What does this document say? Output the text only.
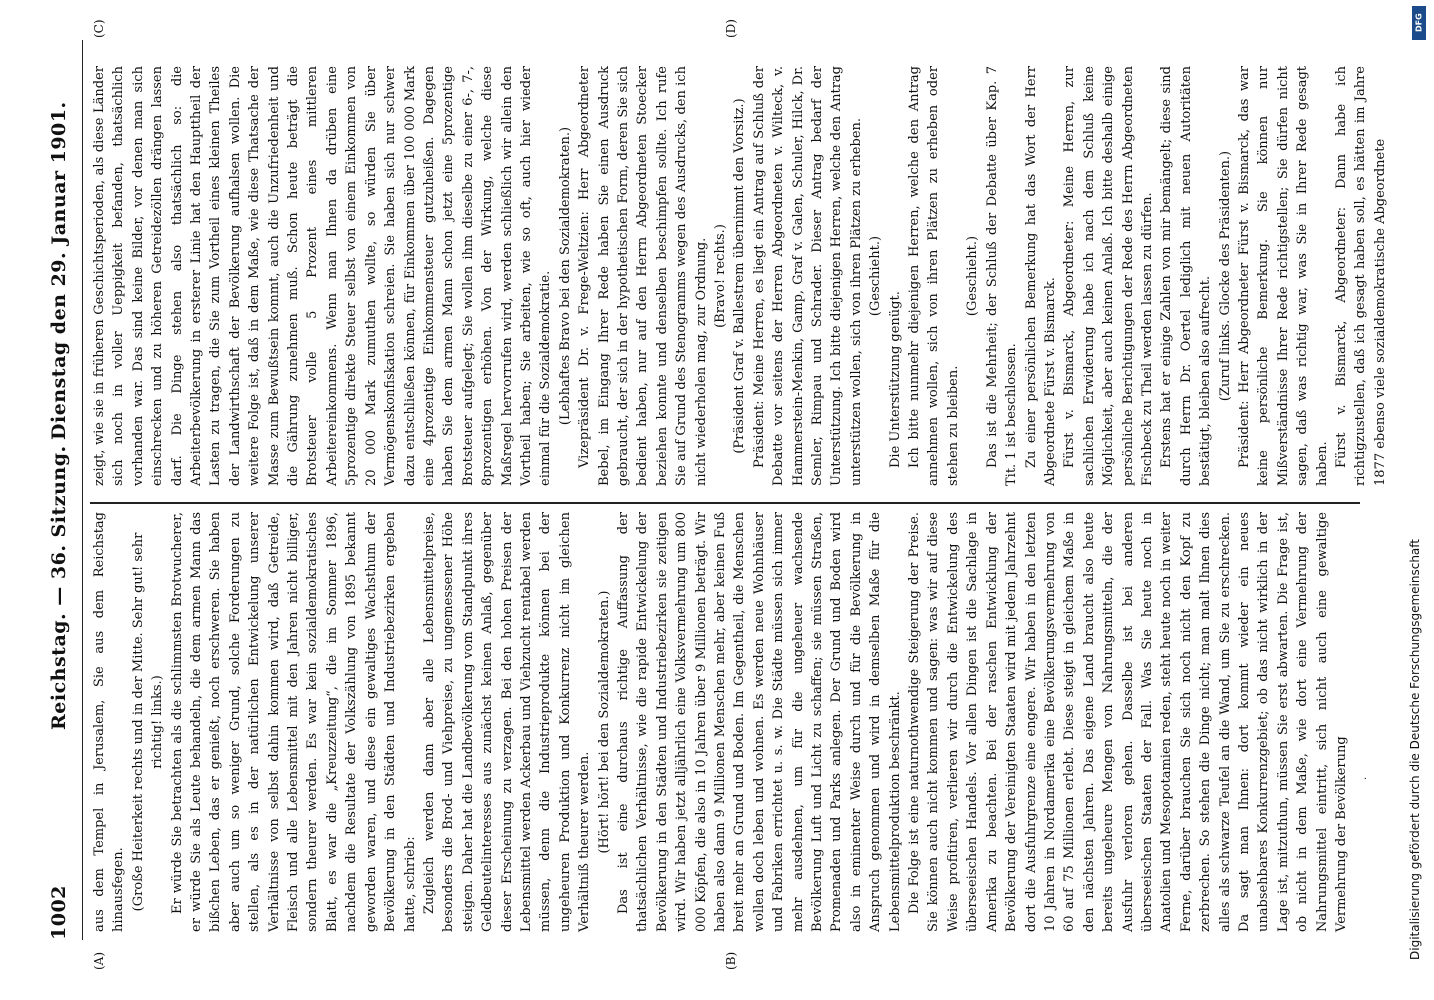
1002
Reichstag. — 36. Sitzung.
Dienstag den 29. Januar 1901.
(A)	(B)
(C)	(D)

aus dem Tempel in Jerusalem, Sie aus dem Reichstag hinausfegen. (Große Heiterkeit rechts und in der Mitte. Sehr gut! sehr richtig! links.) Er würde Sie betrachten als die schlimmsten Brotwucherer, er würde Sie als Leute behandeln, die dem armen Mann das bißchen Leben, das er genießt, noch erschweren. Sie haben aber auch um so weniger Grund, solche Forderungen zu stellen, als es in der natürlichen Entwickelung unserer Verhältnisse von selbst dahin kommen wird, daß Getreide, Fleisch und alle Lebensmittel mit den Jahren nicht billiger, sondern theurer werden. Es war kein sozialdemokratisches Blatt, es war die „Kreuzzeitung“, die im Sommer 1896, nachdem die Resultate der Volkszählung von 1895 bekannt geworden waren, und diese ein gewaltiges Wachsthum der Bevölkerung in den Städten und Industriebezirken ergeben hatte, schrieb: Zugleich werden dann aber alle Lebensmittelpreise, besonders die Brod- und Viehpreise, zu ungemessener Höhe steigen. Daher hat die Landbevölkerung vom Standpunkt ihres Geldbeutelinteresses aus zunächst keinen Anlaß, gegenüber dieser Erscheinung zu verzagen. Bei den hohen Preisen der Lebensmittel werden Ackerbau und Viehzucht rentabel werden müssen, denn die Industrieprodukte können bei der ungeheuren Produktion und Konkurrenz nicht im gleichen Verhältniß theurer werden. (Hört! hört! bei den Sozialdemokraten.) Das ist eine durchaus richtige Auffassung der thatsächlichen Verhältnisse, wie die rapide Entwickelung der Bevölkerung in den Städten und Industriebezirken sie zeitigen wird. Wir haben jetzt alljährlich eine Volksvermehrung um 800 000 Köpfen, die also in 10 Jahren über 9 Millionen beträgt. Wir haben also dann 9 Millionen Menschen mehr, aber keinen Fuß breit mehr an Grund und Boden. Im Gegentheil, die Menschen wollen doch leben und wohnen. Es werden neue Wohnhäuser und Fabriken errichtet u. s. w. Die Städte müssen sich immer mehr ausdehnen, um für die ungeheuer wachsende Bevölkerung Luft und Licht zu schaffen; sie müssen Straßen, Promenaden und Parks anlegen. Der Grund und Boden wird also in eminenter Weise durch und für die Bevölkerung in Anspruch genommen und wird in demselben Maße für die Lebensmittelproduktion beschränkt. Die Folge ist eine naturnothwendige Steigerung der Preise. Sie können auch nicht kommen und sagen: was wir auf diese Weise profitiren, verlieren wir durch die Entwickelung des überseeischen Handels. Vor allen Dingen ist die Sachlage in Amerika zu beachten. Bei der raschen Entwicklung der Bevölkerung der Vereinigten Staaten wird mit jedem Jahrzehnt dort die Ausfuhrgrenze eine engere. Wir haben in den letzten 10 Jahren in Nordamerika eine Bevölkerungsvermehrung von 60 auf 75 Millionen erlebt. Diese steigt in gleichem Maße in den nächsten Jahren. Das eigene Land braucht also heute bereits ungeheure Mengen von Nahrungsmitteln, die der Ausfuhr verloren gehen. Dasselbe ist bei anderen überseeischen Staaten der Fall. Was Sie heute noch in Anatolien und Mesopotamien reden, steht heute noch in weiter Ferne, darüber brauchen Sie sich noch nicht den Kopf zu zerbrechen. So stehen die Dinge nicht; man malt Ihnen dies alles als schwarze Teufel an die Wand, um Sie zu erschrecken. Da sagt man Ihnen: dort kommt wieder ein neues unabsehbares Konkurrenzgebiet; ob das nicht wirklich in der Lage ist, mitzuthun, müssen Sie erst abwarten. Die Frage ist, ob nicht in dem Maße, wie dort eine Vermehrung der Nahrungsmittel eintritt, sich nicht auch eine gewaltige Vermehrung der Bevölkerung

zeigt, wie sie in früheren Geschichtsperioden, als diese Länder sich noch in voller Ueppigkeit befanden, thatsächlich vorhanden war. Das sind keine Bilder, vor denen man sich einschrecken und zu höheren Getreidezöllen drängen lassen darf. Die Dinge stehen also thatsächlich so: die Arbeiterbevölkerung in ersterer Linie hat den Haupttheil der Lasten zu tragen, die Sie zum Vortheil eines kleinen Theiles der Landwirthschaft der Bevölkerung aufhalsen wollen. Die weitere Folge ist, daß in dem Maße, wie diese Thatsache der Masse zum Bewußtsein kommt, auch die Unzufriedenheit und die Gährung zunehmen muß. Schon heute beträgt die Brotsteuer volle 5 Prozent eines mittleren Arbeitereinkommens. Wenn man Ihnen da drüben eine 5prozentige direkte Steuer selbst von einem Einkommen von 20 000 Mark zumuthen wollte, so würden Sie über Vermögenskonfiskation schreien. Sie haben sich nur schwer dazu entschließen können, für Einkommen über 100 000 Mark eine 4prozentige Einkommensteuer gutzuheißen. Dagegen haben Sie dem armen Mann schon jetzt eine 5prozentige Brotsteuer aufgelegt; Sie wollen ihm dieselbe zu einer 6-, 7-, 8prozentigen erhöhen. Von der Wirkung, welche diese Maßregel hervorrufen wird, werden schließlich wir allein den Vortheil haben; Sie arbeiten, wie so oft, auch hier wieder einmal für die Sozialdemokratie. (Lebhaftes Bravo bei den Sozialdemokraten.) Vizepräsident Dr. v. Frege-Weltzien: Herr Abgeordneter Bebel, im Eingang Ihrer Rede haben Sie einen Ausdruck gebraucht, der sich in der hypothetischen Form, deren Sie sich bedient haben, nur auf den Herrn Abgeordneten Stoecker beziehen konnte und denselben beschimpfen sollte. Ich rufe Sie auf Grund des Stenogramms wegen des Ausdrucks, den ich nicht wiederholen mag, zur Ordnung. (Bravo! rechts.) (Präsident Graf v. Ballestrem übernimmt den Vorsitz.) Präsident: Meine Herren, es liegt ein Antrag auf Schluß der Debatte vor seitens der Herren Abgeordneten v. Wilteck, v. Hammerstein-Menkin, Gamp, Graf v. Galen, Schuler, Hilck, Dr. Semler, Rimpau und Schrader. Dieser Antrag bedarf der Unterstützung. Ich bitte diejenigen Herren, welche den Antrag unterstützen wollen, sich von ihren Plätzen zu erheben. (Geschieht.)

Die Unterstützung genügt. Ich bitte nunmehr diejenigen Herren, welche den Antrag annehmen wollen, sich von ihren Plätzen zu erheben oder stehen zu bleiben.

(Geschieht.) Das ist die Mehrheit; der Schluß der Debatte über Kap. 7 Tit. 1 ist beschlossen. Zu einer persönlichen Bemerkung hat das Wort der Herr Abgeordnete Fürst v. Bismarck. Fürst v. Bismarck, Abgeordneter: Meine Herren, zur sachlichen Erwiderung habe ich nach dem Schluß keine Möglichkeit, aber auch keinen Anlaß. Ich bitte deshalb einige persönliche Berichtigungen der Rede des Herrn Abgeordneten Fischbeck zu Theil werden lassen zu dürfen. Erstens hat er einige Zahlen von mir bemängelt; diese sind durch Herrn Dr. Oertel lediglich mit neuen Autoritäten bestätigt, bleiben also aufrecht. (Zuruf links. Glocke des Präsidenten.) Präsident: Herr Abgeordneter Fürst v. Bismarck, das war keine persönliche Bemerkung. Sie können nur Mißverständnisse Ihrer Rede richtigstellen; Sie dürfen nicht sagen, daß was richtig war, was Sie in Ihrer Rede gesagt haben. Fürst v. Bismarck, Abgeordneter: Dann habe ich richtigzustellen, daß ich gesagt haben soll, es hätten im Jahre 1877 ebenso viele sozialdemokratische Abgeordnete

.	Digitalisierung gefördert durch die Deutsche Forschungsgemeinschaft
DFG
